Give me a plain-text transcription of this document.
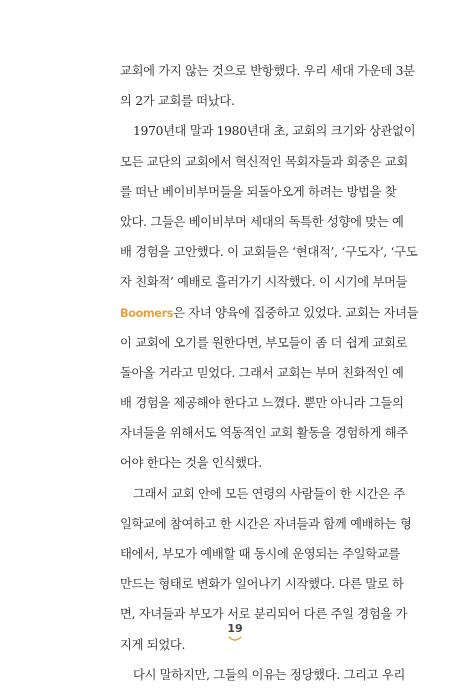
교회에 가지 않는 것으로 반항했다. 우리 세대 가운데 3분
의 2가 교회를 떠났다.
1970년대 말과 1980년대 초, 교회의 크기와 상관없이
모든 교단의 교회에서 혁신적인 목회자들과 회중은 교회
를 떠난 베이비부머들을 되돌아오게 하려는 방법을 찾
았다. 그들은 베이비부머 세대의 독특한 성향에 맞는 예
배 경험을 고안했다. 이 교회들은 ‘현대적’, ‘구도자’, ‘구도
자 친화적’ 예배로 흘러가기 시작했다. 이 시기에 부머들
Boomers은 자녀 양육에 집중하고 있었다. 교회는 자녀들
이 교회에 오기를 원한다면, 부모들이 좀 더 쉽게 교회로
돌아올 거라고 믿었다. 그래서 교회는 부머 친화적인 예
배 경험을 제공해야 한다고 느꼈다. 뿐만 아니라 그들의
자녀들을 위해서도 역동적인 교회 활동을 경험하게 해주
어야 한다는 것을 인식했다.
그래서 교회 안에 모든 연령의 사람들이 한 시간은 주
일학교에 참여하고 한 시간은 자녀들과 함께 예배하는 형
태에서, 부모가 예배할 때 동시에 운영되는 주일학교를
만드는 형태로 변화가 일어나기 시작했다. 다른 말로 하
면, 자녀들과 부모가 서로 분리되어 다른 주일 경험을 가
지게 되었다.
다시 말하지만, 그들의 이유는 정당했다. 그리고 우리
19
